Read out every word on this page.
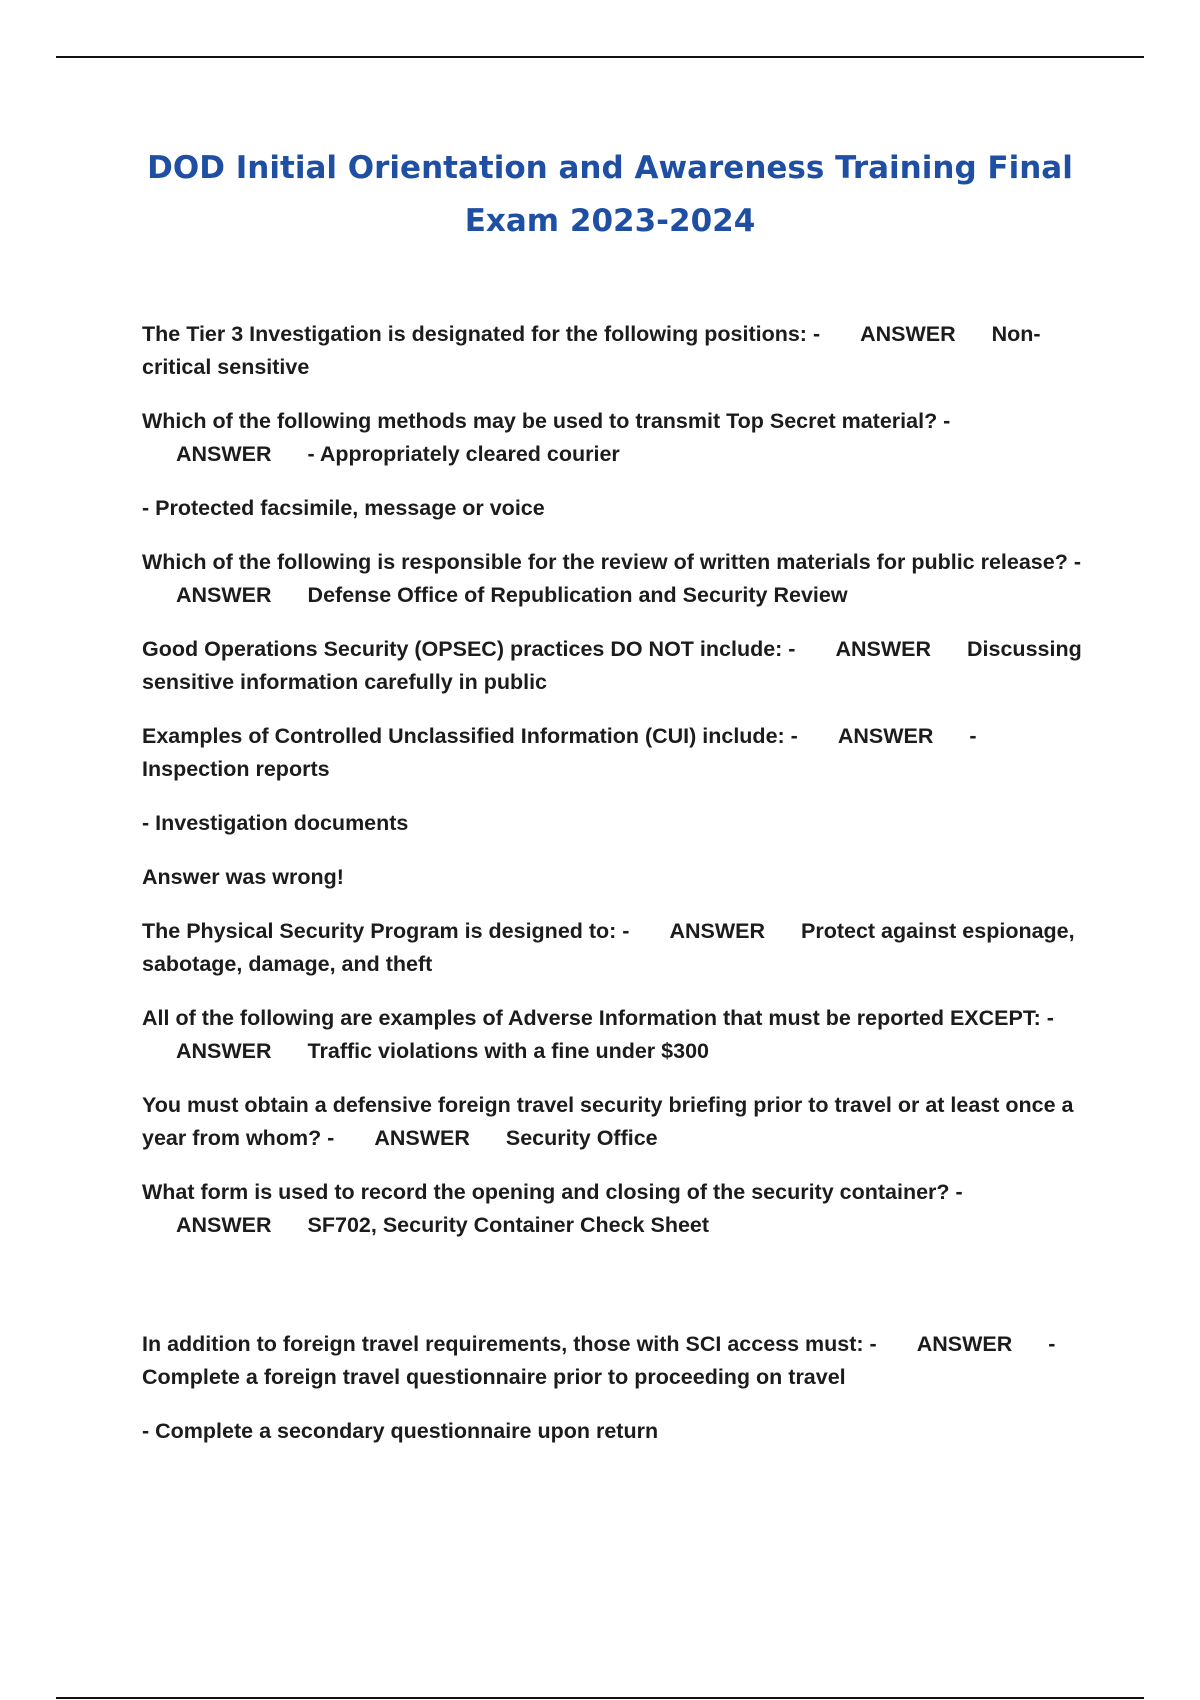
DOD Initial Orientation and Awareness Training Final Exam 2023-2024

The Tier 3 Investigation is designated for the following positions: - ANSWER Non-critical sensitive

Which of the following methods may be used to transmit Top Secret material? - ANSWER - Appropriately cleared courier

- Protected facsimile, message or voice

Which of the following is responsible for the review of written materials for public release? - ANSWER Defense Office of Republication and Security Review

Good Operations Security (OPSEC) practices DO NOT include: - ANSWER Discussing sensitive information carefully in public

Examples of Controlled Unclassified Information (CUI) include: - ANSWER - Inspection reports

- Investigation documents

Answer was wrong!

The Physical Security Program is designed to: - ANSWER Protect against espionage, sabotage, damage, and theft

All of the following are examples of Adverse Information that must be reported EXCEPT: - ANSWER Traffic violations with a fine under $300

You must obtain a defensive foreign travel security briefing prior to travel or at least once a year from whom? - ANSWER Security Office

What form is used to record the opening and closing of the security container? - ANSWER SF702, Security Container Check Sheet

In addition to foreign travel requirements, those with SCI access must: - ANSWER - Complete a foreign travel questionnaire prior to proceeding on travel

- Complete a secondary questionnaire upon return
